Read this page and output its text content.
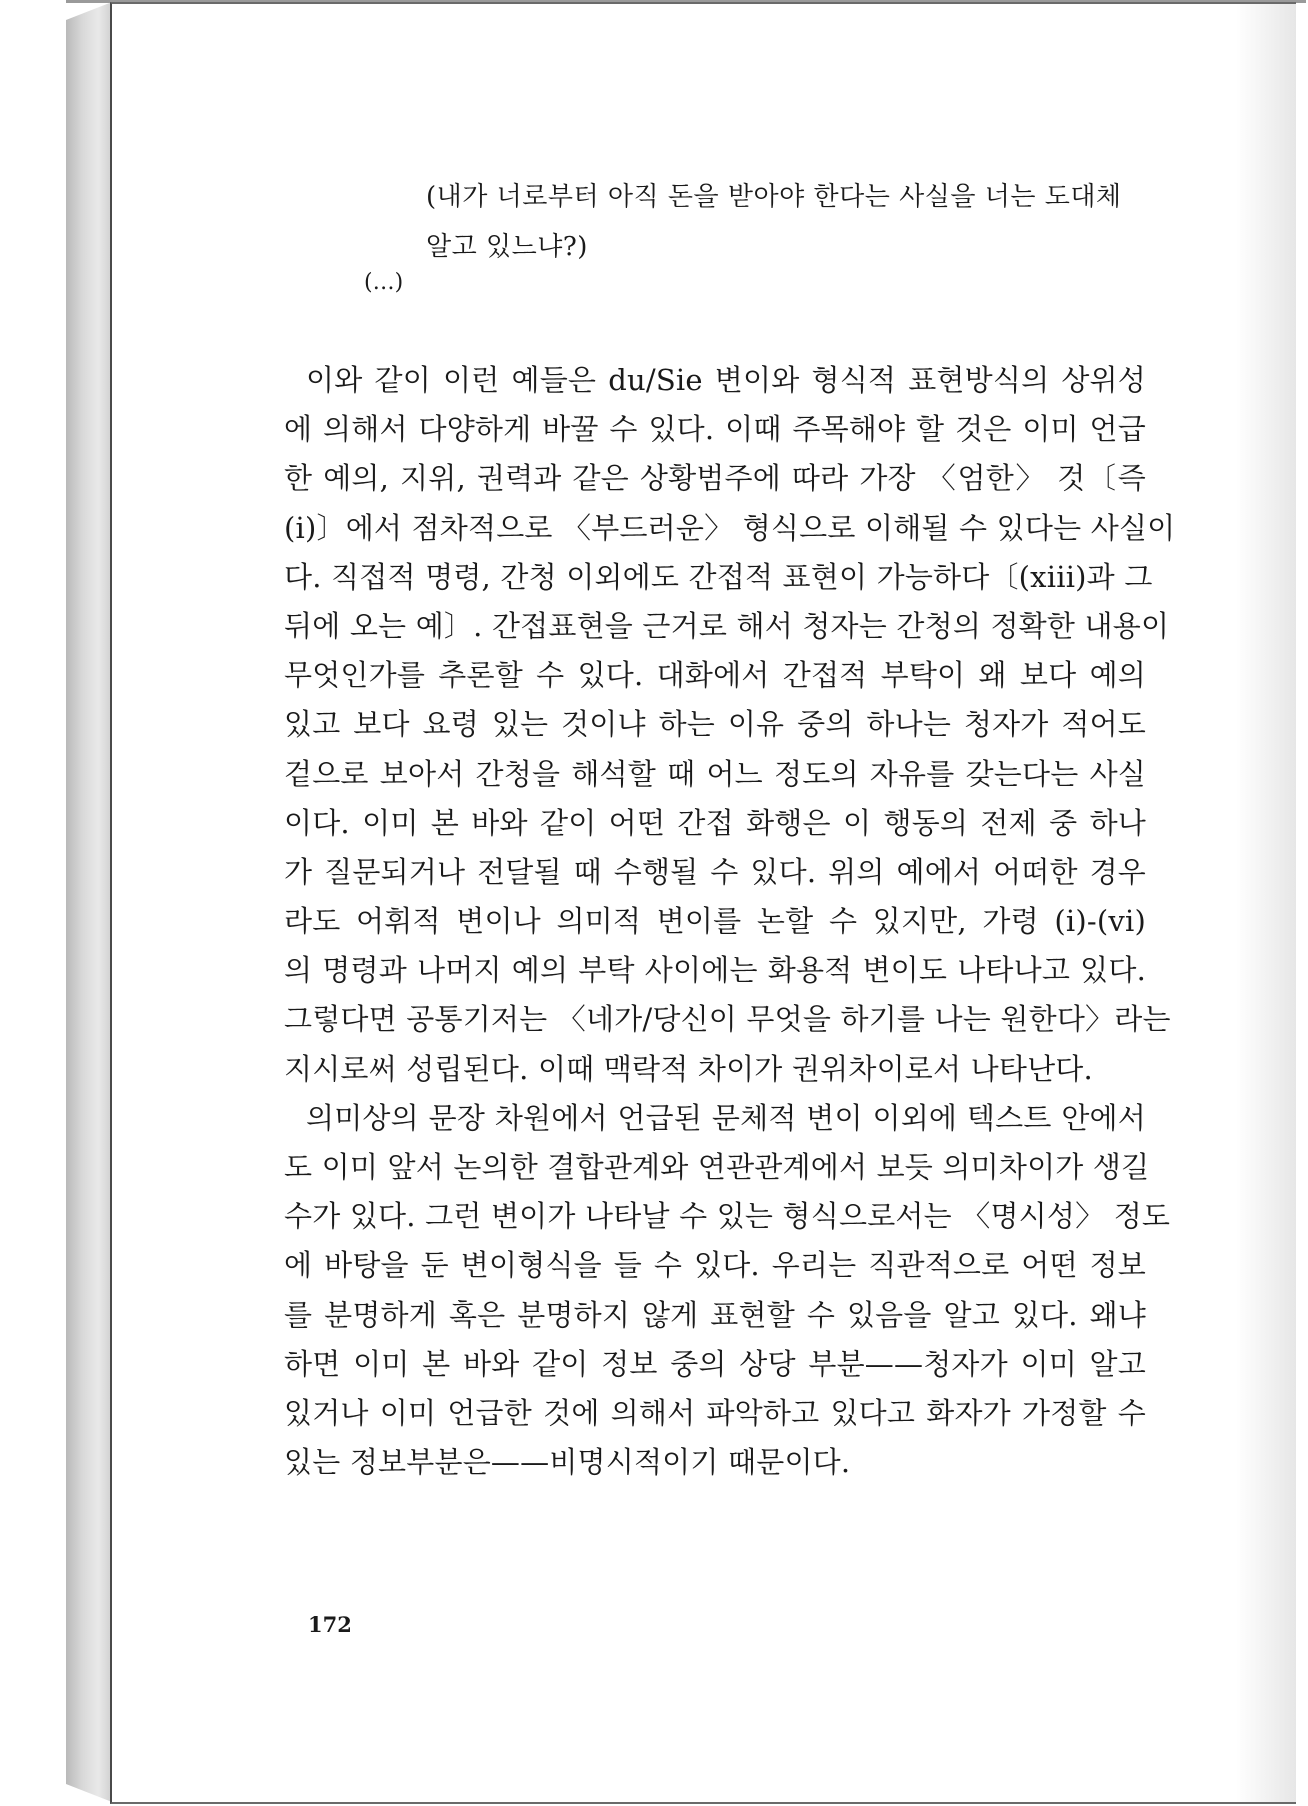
(내가 너로부터 아직 돈을 받아야 한다는 사실을 너는 도대체
알고 있느냐?)
(…)
이와 같이 이런 예들은 du/Sie 변이와 형식적 표현방식의 상위성
에 의해서 다양하게 바꿀 수 있다. 이때 주목해야 할 것은 이미 언급
한 예의, 지위, 권력과 같은 상황범주에 따라 가장 〈엄한〉 것〔즉
(i)〕에서 점차적으로 〈부드러운〉 형식으로 이해될 수 있다는 사실이
다. 직접적 명령, 간청 이외에도 간접적 표현이 가능하다〔(xiii)과 그
뒤에 오는 예〕. 간접표현을 근거로 해서 청자는 간청의 정확한 내용이
무엇인가를 추론할 수 있다. 대화에서 간접적 부탁이 왜 보다 예의
있고 보다 요령 있는 것이냐 하는 이유 중의 하나는 청자가 적어도
겉으로 보아서 간청을 해석할 때 어느 정도의 자유를 갖는다는 사실
이다. 이미 본 바와 같이 어떤 간접 화행은 이 행동의 전제 중 하나
가 질문되거나 전달될 때 수행될 수 있다. 위의 예에서 어떠한 경우
라도 어휘적 변이나 의미적 변이를 논할 수 있지만, 가령 (i)-(vi)
의 명령과 나머지 예의 부탁 사이에는 화용적 변이도 나타나고 있다.
그렇다면 공통기저는 〈네가/당신이 무엇을 하기를 나는 원한다〉라는
지시로써 성립된다. 이때 맥락적 차이가 권위차이로서 나타난다.
의미상의 문장 차원에서 언급된 문체적 변이 이외에 텍스트 안에서
도 이미 앞서 논의한 결합관계와 연관관계에서 보듯 의미차이가 생길
수가 있다. 그런 변이가 나타날 수 있는 형식으로서는 〈명시성〉 정도
에 바탕을 둔 변이형식을 들 수 있다. 우리는 직관적으로 어떤 정보
를 분명하게 혹은 분명하지 않게 표현할 수 있음을 알고 있다. 왜냐
하면 이미 본 바와 같이 정보 중의 상당 부분——청자가 이미 알고
있거나 이미 언급한 것에 의해서 파악하고 있다고 화자가 가정할 수
있는 정보부분은——비명시적이기 때문이다.
172
